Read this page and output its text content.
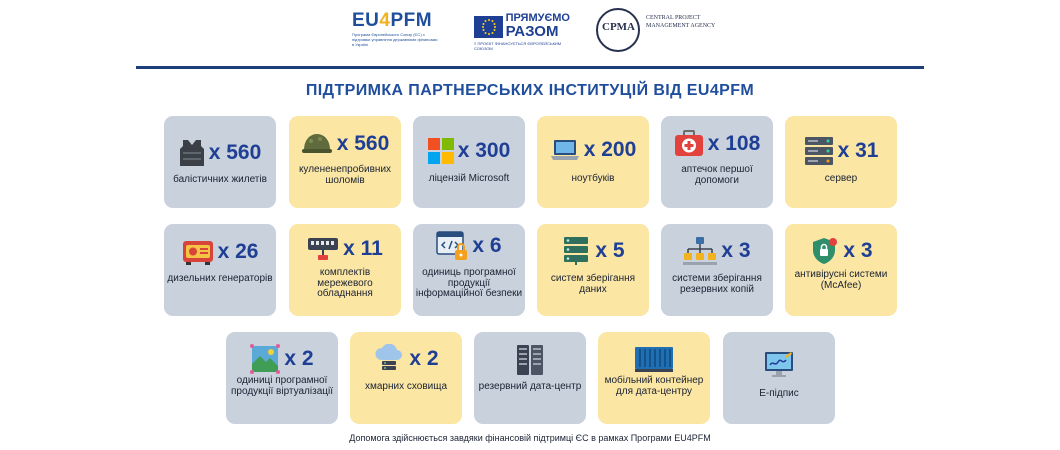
EU4PFM
Програма Європейського Союзу (ЄС) з підтримки управління державними фінансами в Україні
ПРЯМУЄМО
РАЗОМ
≡ ПРОЄКТ ФІНАНСУЄТЬСЯ ЄВРОПЕЙСЬКИМ СОЮЗОМ
CPMA
CENTRAL PROJECT MANAGEMENT AGENCY
ПІДТРИМКА ПАРТНЕРСЬКИХ ІНСТИТУЦІЙ ВІД EU4PFM
x 560
балістичних жилетів
x 560
кулененепробивних шоломів
x 300
ліцензій Microsoft
x 200
ноутбуків
x 108
аптечок першої допомоги
x 31
сервер
x 26
дизельних генераторів
x 11
комплектів мережевого обладнання
x 6
одиниць програмної продукції інформаційної безпеки
x 5
систем зберігання даних
x 3
системи зберігання резервних копій
x 3
антивірусні системи (McAfee)
x 2
одиниці програмної продукції віртуалізації
x 2
хмарних сховища	резервний дата-центр
мобільний контейнер для дата-центру	Е-підпис
Допомога здійснюється завдяки фінансовій підтримці ЄС в рамках Програми EU4PFM
